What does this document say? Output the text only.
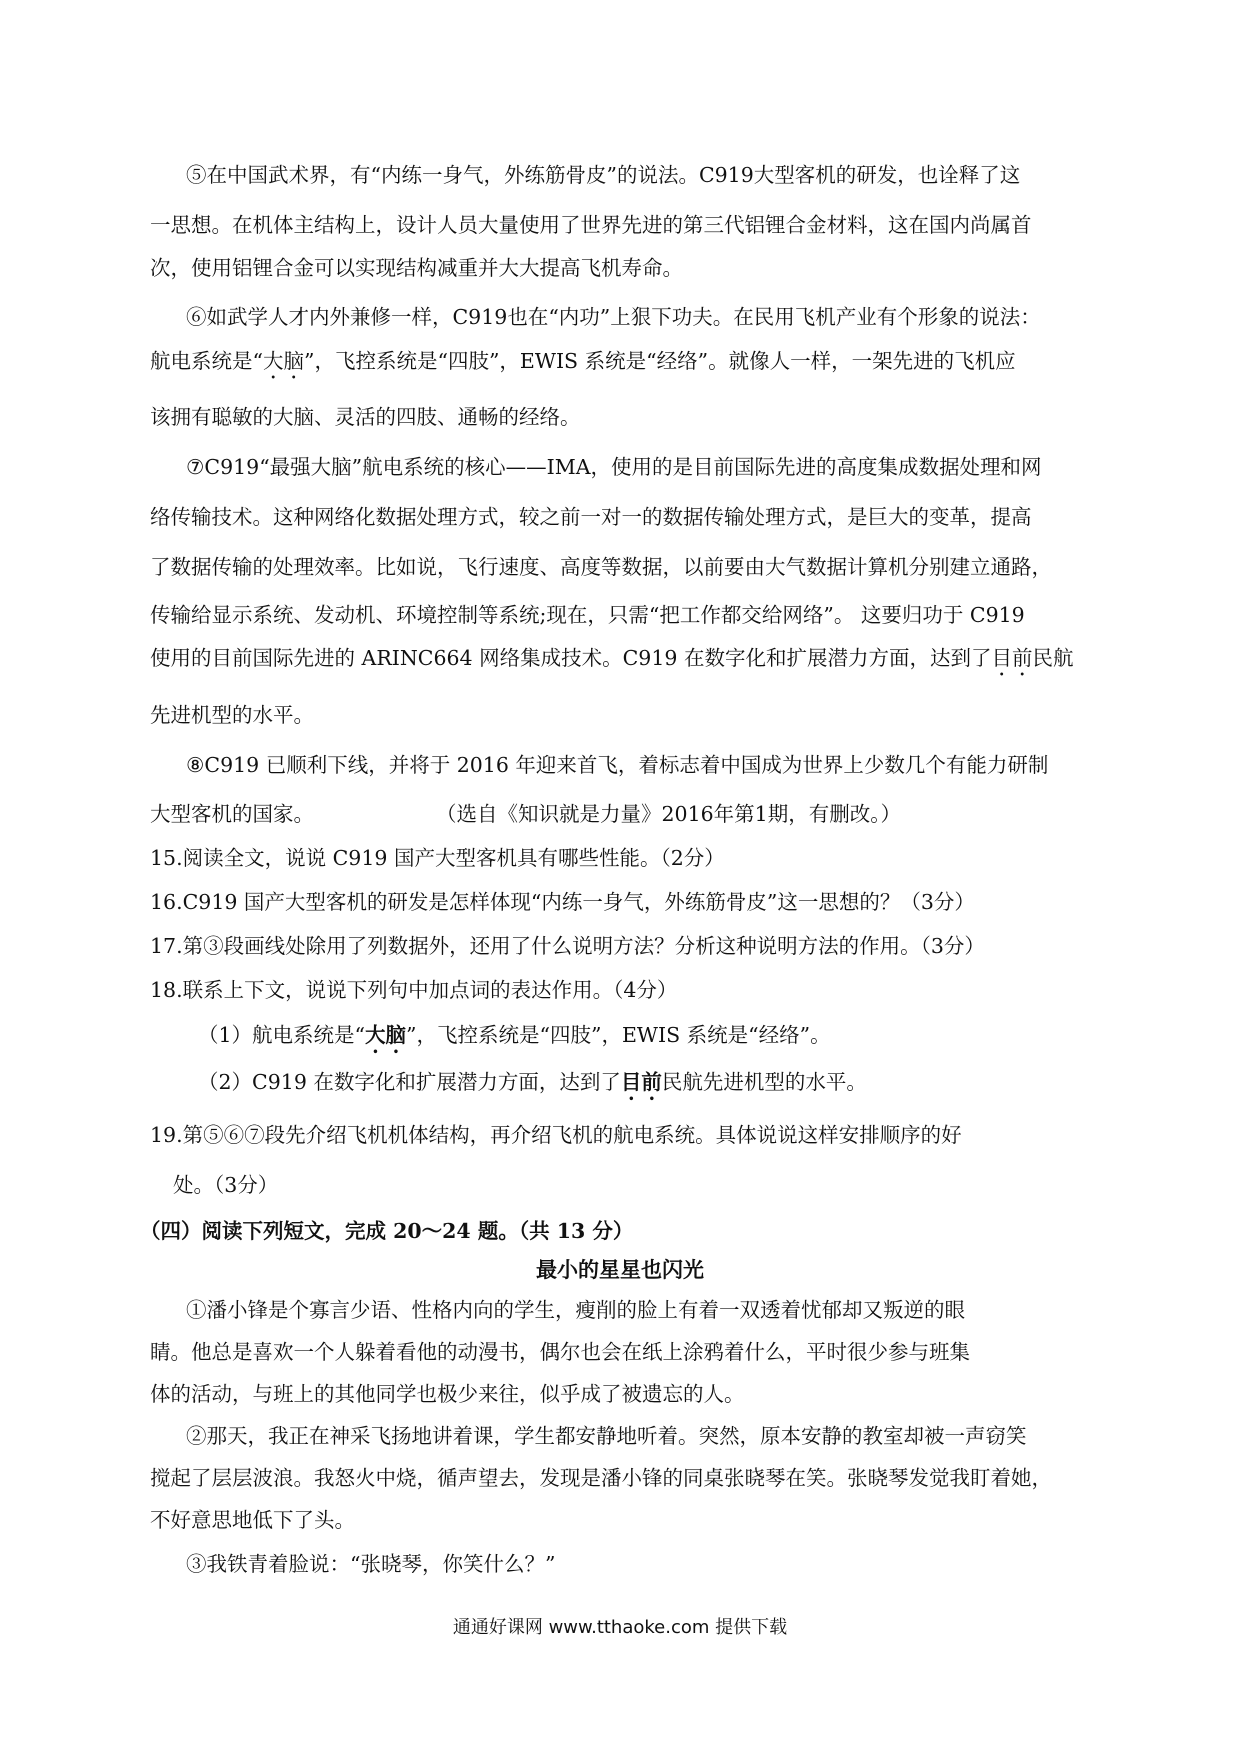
⑤在中国武术界，有“内练一身气，外练筋骨皮”的说法。C919大型客机的研发，也诠释了这

一思想。在机体主结构上，设计人员大量使用了世界先进的第三代铝锂合金材料，这在国内尚属首

次，使用铝锂合金可以实现结构减重并大大提高飞机寿命。

⑥如武学人才内外兼修一样，C919也在“内功”上狠下功夫。在民用飞机产业有个形象的说法：

航电系统是“大脑”，飞控系统是“四肢”，EWIS 系统是“经络”。就像人一样，一架先进的飞机应

该拥有聪敏的大脑、灵活的四肢、通畅的经络。

⑦C919“最强大脑”航电系统的核心——IMA，使用的是目前国际先进的高度集成数据处理和网

络传输技术。这种网络化数据处理方式，较之前一对一的数据传输处理方式，是巨大的变革，提高

了数据传输的处理效率。比如说，飞行速度、高度等数据，以前要由大气数据计算机分别建立通路，

传输给显示系统、发动机、环境控制等系统;现在，只需“把工作都交给网络”。 这要归功于 C919

使用的目前国际先进的 ARINC664 网络集成技术。C919 在数字化和扩展潜力方面，达到了目前民航

先进机型的水平。

⑧C919 已顺利下线，并将于 2016 年迎来首飞，着标志着中国成为世界上少数几个有能力研制

大型客机的国家。	（选自《知识就是力量》2016年第1期，有删改。）

15.阅读全文，说说 C919 国产大型客机具有哪些性能。（2分）

16.C919 国产大型客机的研发是怎样体现“内练一身气，外练筋骨皮”这一思想的？（3分）

17.第③段画线处除用了列数据外，还用了什么说明方法？分析这种说明方法的作用。（3分）

18.联系上下文，说说下列句中加点词的表达作用。（4分）

（1）航电系统是“大脑”，飞控系统是“四肢”，EWIS 系统是“经络”。

（2）C919 在数字化和扩展潜力方面，达到了目前民航先进机型的水平。

19.第⑤⑥⑦段先介绍飞机机体结构，再介绍飞机的航电系统。具体说说这样安排顺序的好

处。（3分）

（四）阅读下列短文，完成 20～24 题。（共 13 分）

最小的星星也闪光

①潘小锋是个寡言少语、性格内向的学生，瘦削的脸上有着一双透着忧郁却又叛逆的眼

睛。他总是喜欢一个人躲着看他的动漫书，偶尔也会在纸上涂鸦着什么，平时很少参与班集

体的活动，与班上的其他同学也极少来往，似乎成了被遗忘的人。

②那天，我正在神采飞扬地讲着课，学生都安静地听着。突然，原本安静的教室却被一声窃笑

搅起了层层波浪。我怒火中烧，循声望去，发现是潘小锋的同桌张晓琴在笑。张晓琴发觉我盯着她，

不好意思地低下了头。

③我铁青着脸说：“张晓琴，你笑什么？”

通通好课网 www.tthaoke.com 提供下载
